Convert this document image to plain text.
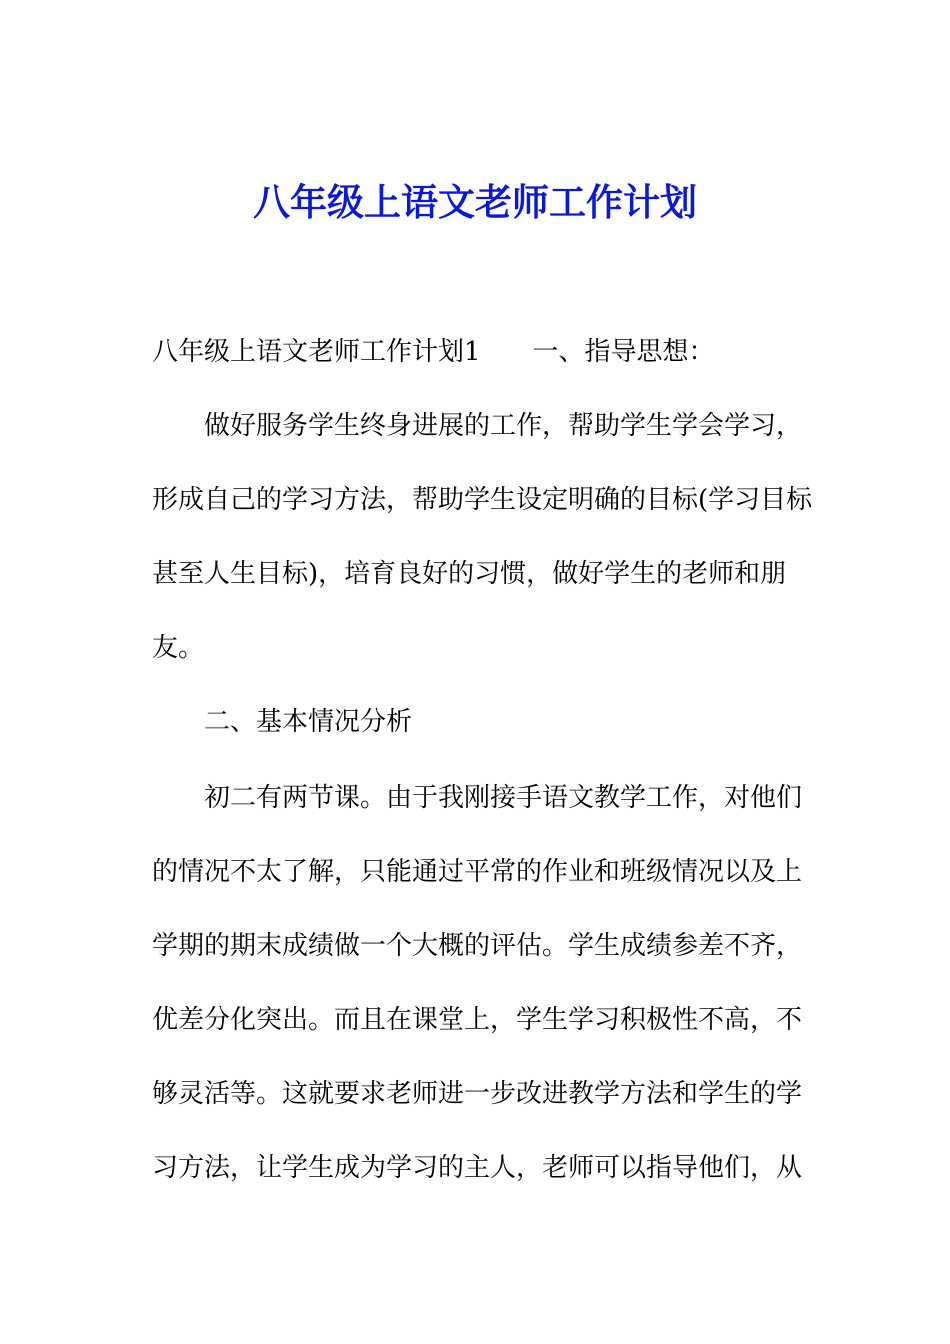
八年级上语文老师工作计划

八年级上语文老师工作计划1 一、指导思想：

做好服务学生终身进展的工作，帮助学生学会学习，

形成自己的学习方法，帮助学生设定明确的目标(学习目标

甚至人生目标)，培育良好的习惯，做好学生的老师和朋

友。

二、基本情况分析

初二有两节课。由于我刚接手语文教学工作，对他们

的情况不太了解，只能通过平常的作业和班级情况以及上

学期的期末成绩做一个大概的评估。学生成绩参差不齐，

优差分化突出。而且在课堂上，学生学习积极性不高，不

够灵活等。这就要求老师进一步改进教学方法和学生的学

习方法，让学生成为学习的主人，老师可以指导他们，从
